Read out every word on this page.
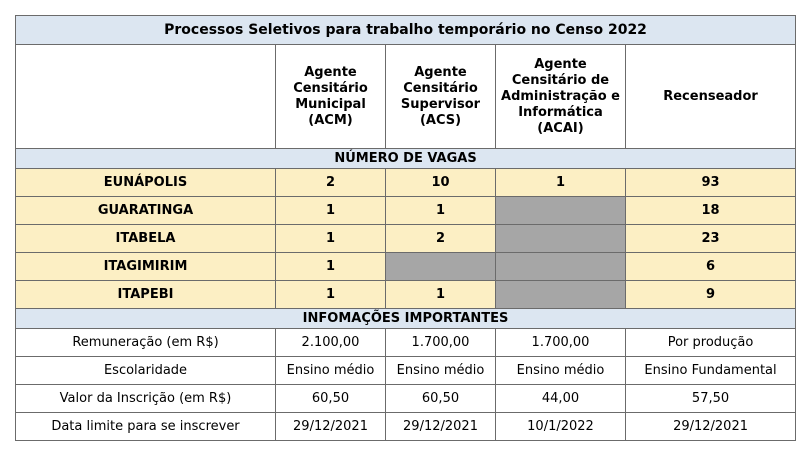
Processos Seletivos para trabalho temporário no Censo 2022				
	Agente Censitário Municipal (ACM)	Agente Censitário Supervisor (ACS)	Agente Censitário de Administração e Informática (ACAI)	Recenseador
NÚMERO DE VAGAS				
EUNÁPOLIS	2	10	1	93
GUARATINGA	1	1		18
ITABELA	1	2		23
ITAGIMIRIM	1			6
ITAPEBI	1	1		9
INFOMAÇÕES IMPORTANTES				
Remuneração (em R$)	2.100,00	1.700,00	1.700,00	Por produção
Escolaridade	Ensino médio	Ensino médio	Ensino médio	Ensino Fundamental
Valor da Inscrição (em R$)	60,50	60,50	44,00	57,50
Data limite para se inscrever	29/12/2021	29/12/2021	10/1/2022	29/12/2021
